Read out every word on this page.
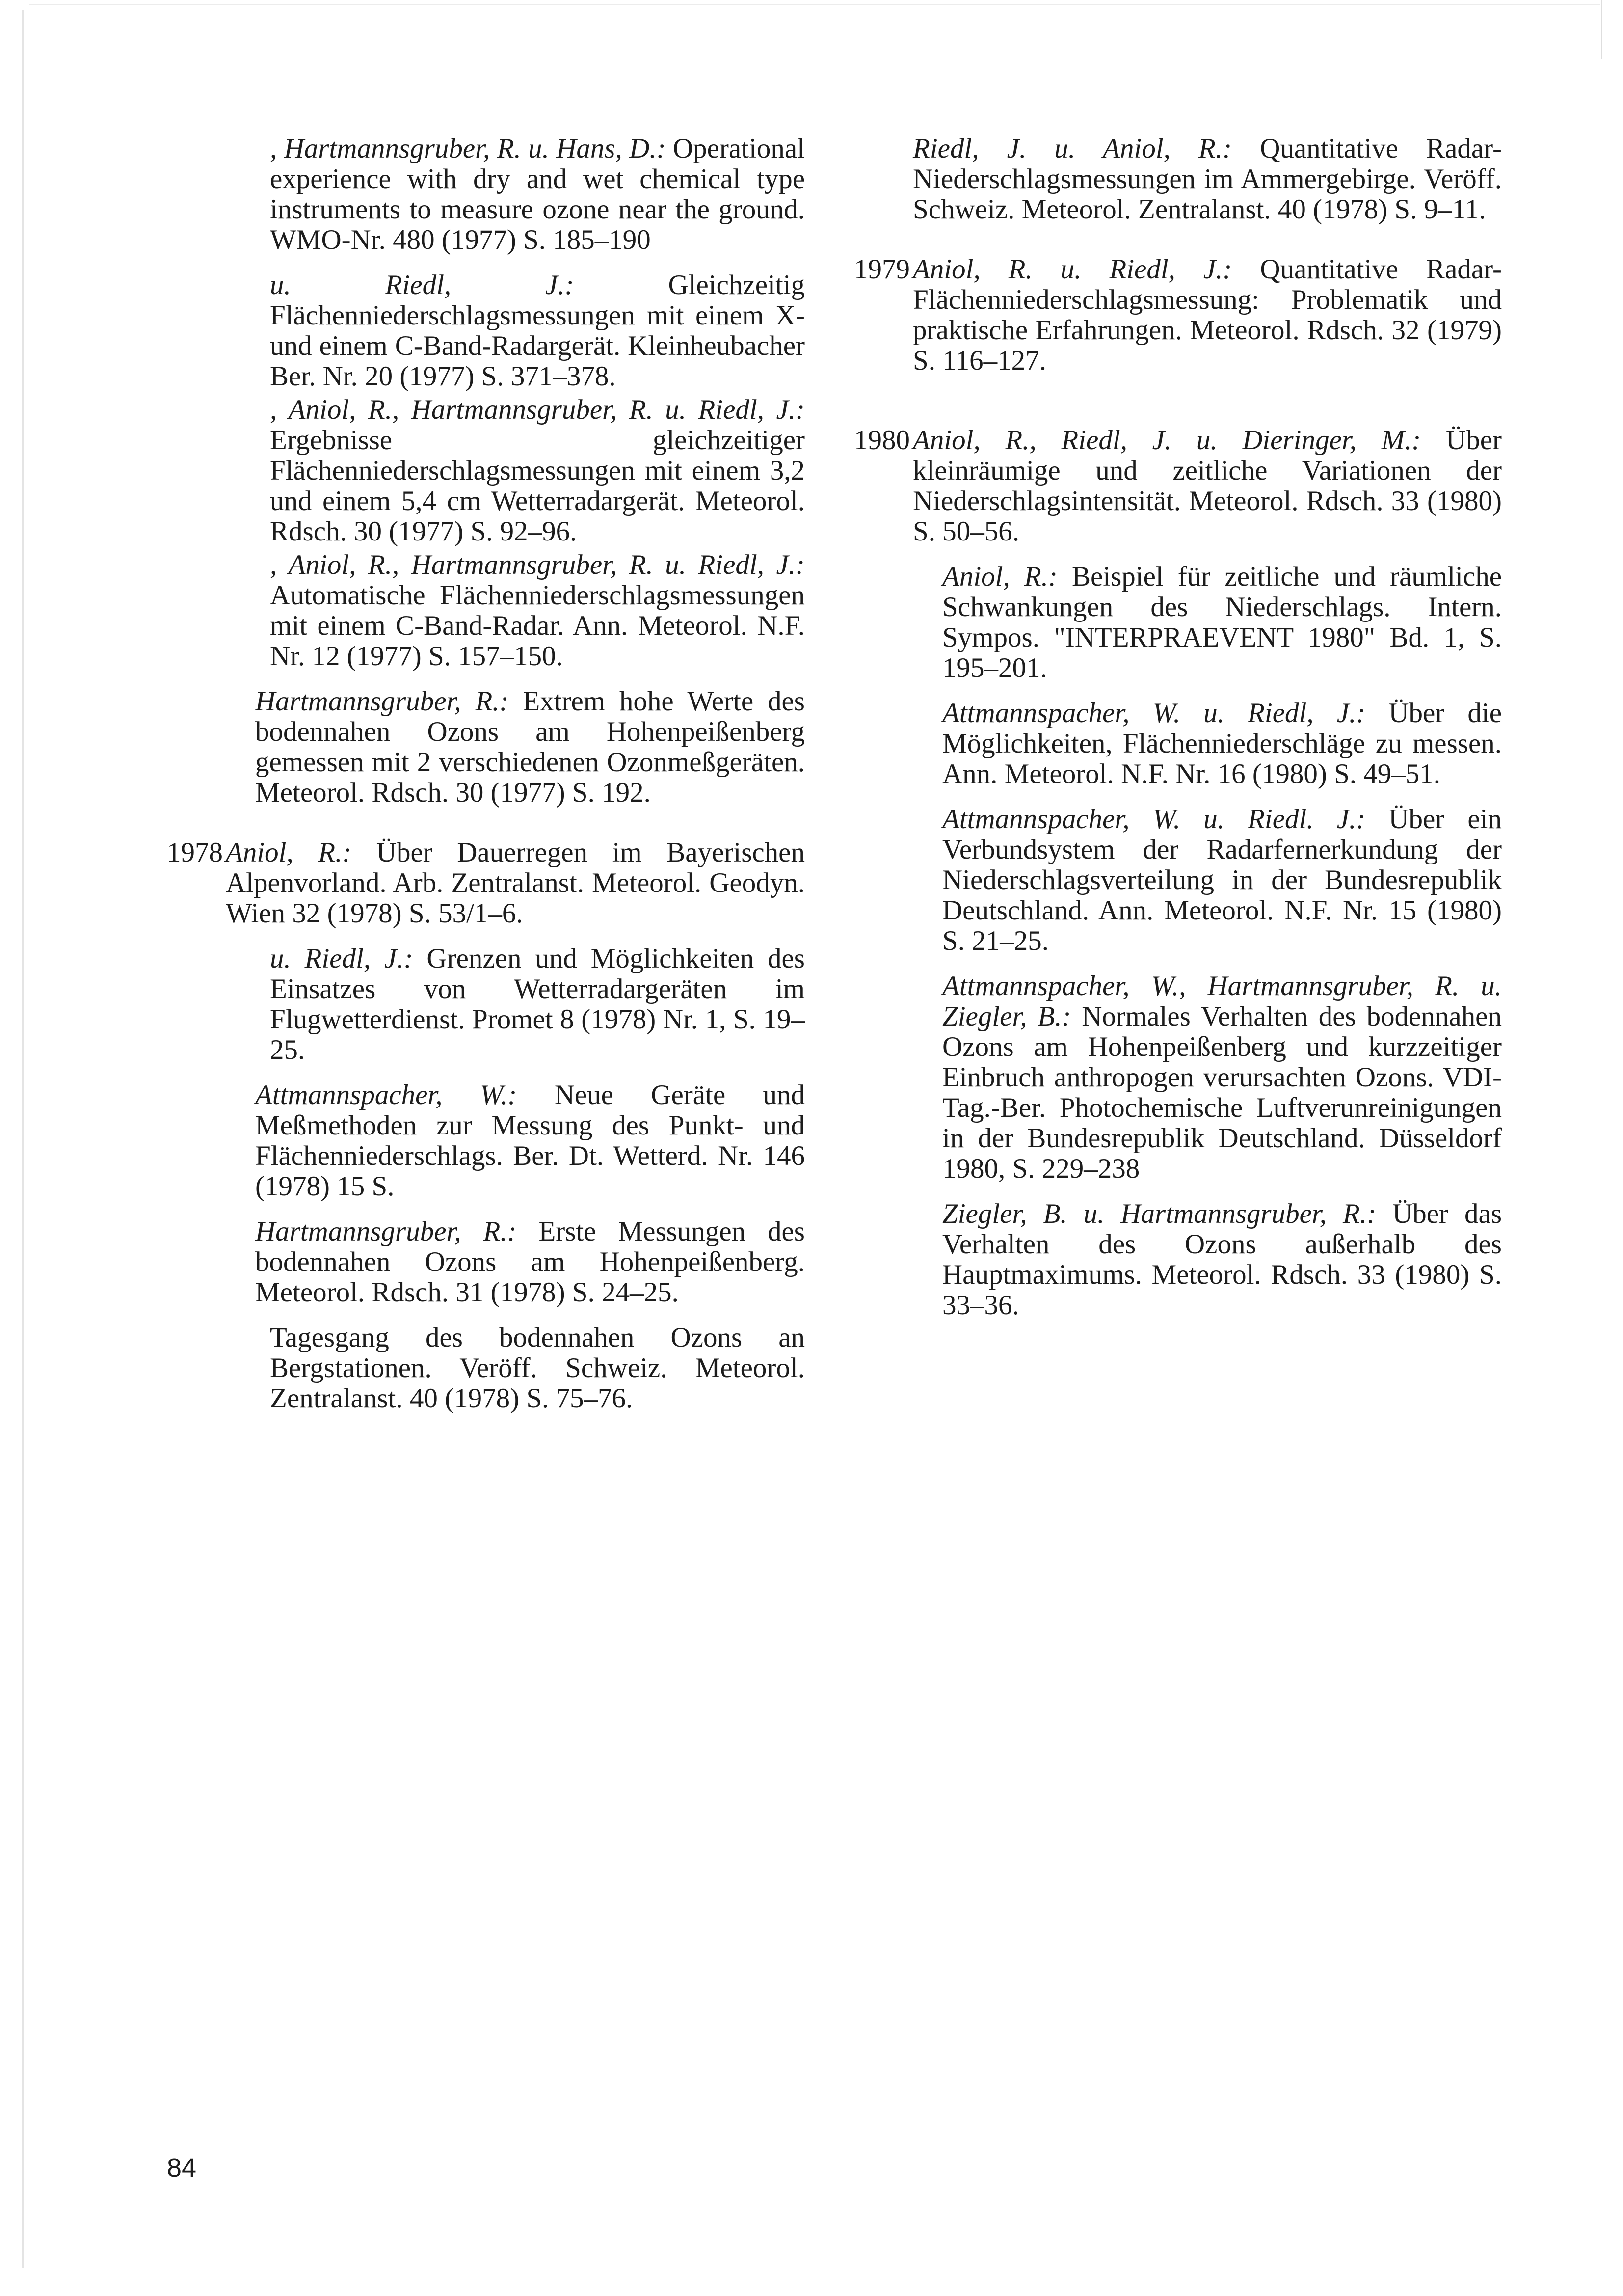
, Hartmannsgruber, R. u. Hans, D.: Operational experience with dry and wet chemical type instruments to measure ozone near the ground. WMO-Nr. 480 (1977) S. 185–190
u. Riedl, J.: Gleichzeitig Flächenniederschlagsmessungen mit einem X- und einem C-Band-Radargerät. Kleinheubacher Ber. Nr. 20 (1977) S. 371–378.
, Aniol, R., Hartmannsgruber, R. u. Riedl, J.: Ergebnisse gleichzeitiger Flächenniederschlagsmessungen mit einem 3,2 und einem 5,4 cm Wetterradargerät. Meteorol. Rdsch. 30 (1977) S. 92–96.
, Aniol, R., Hartmannsgruber, R. u. Riedl, J.: Automatische Flächenniederschlagsmessungen mit einem C-Band-Radar. Ann. Meteorol. N.F. Nr. 12 (1977) S. 157–150.
Hartmannsgruber, R.: Extrem hohe Werte des bodennahen Ozons am Hohenpeißenberg gemessen mit 2 verschiedenen Ozonmeßgeräten. Meteorol. Rdsch. 30 (1977) S. 192.
1978 Aniol, R.: Über Dauerregen im Bayerischen Alpenvorland. Arb. Zentralanst. Meteorol. Geodyn. Wien 32 (1978) S. 53/1–6.
u. Riedl, J.: Grenzen und Möglichkeiten des Einsatzes von Wetterradargeräten im Flugwetterdienst. Promet 8 (1978) Nr. 1, S. 19–25.
Attmannspacher, W.: Neue Geräte und Meßmethoden zur Messung des Punkt- und Flächenniederschlags. Ber. Dt. Wetterd. Nr. 146 (1978) 15 S.
Hartmannsgruber, R.: Erste Messungen des bodennahen Ozons am Hohenpeißenberg. Meteorol. Rdsch. 31 (1978) S. 24–25.
Tagesgang des bodennahen Ozons an Bergstationen. Veröff. Schweiz. Meteorol. Zentralanst. 40 (1978) S. 75–76.
Riedl, J. u. Aniol, R.: Quantitative Radar-Niederschlagsmessungen im Ammergebirge. Veröff. Schweiz. Meteorol. Zentralanst. 40 (1978) S. 9–11.
1979 Aniol, R. u. Riedl, J.: Quantitative Radar-Flächenniederschlagsmessung: Problematik und praktische Erfahrungen. Meteorol. Rdsch. 32 (1979) S. 116–127.
1980 Aniol, R., Riedl, J. u. Dieringer, M.: Über kleinräumige und zeitliche Variationen der Niederschlagsintensität. Meteorol. Rdsch. 33 (1980) S. 50–56.
Aniol, R.: Beispiel für zeitliche und räumliche Schwankungen des Niederschlags. Intern. Sympos. "INTERPRAEVENT 1980" Bd. 1, S. 195–201.
Attmannspacher, W. u. Riedl, J.: Über die Möglichkeiten, Flächenniederschläge zu messen. Ann. Meteorol. N.F. Nr. 16 (1980) S. 49–51.
Attmannspacher, W. u. Riedl. J.: Über ein Verbundsystem der Radarfernerkundung der Niederschlagsverteilung in der Bundesrepublik Deutschland. Ann. Meteorol. N.F. Nr. 15 (1980) S. 21–25.
Attmannspacher, W., Hartmannsgruber, R. u. Ziegler, B.: Normales Verhalten des bodennahen Ozons am Hohenpeißenberg und kurzzeitiger Einbruch anthropogen verursachten Ozons. VDI-Tag.-Ber. Photochemische Luftverunreinigungen in der Bundesrepublik Deutschland. Düsseldorf 1980, S. 229–238
Ziegler, B. u. Hartmannsgruber, R.: Über das Verhalten des Ozons außerhalb des Hauptmaximums. Meteorol. Rdsch. 33 (1980) S. 33–36.
84
